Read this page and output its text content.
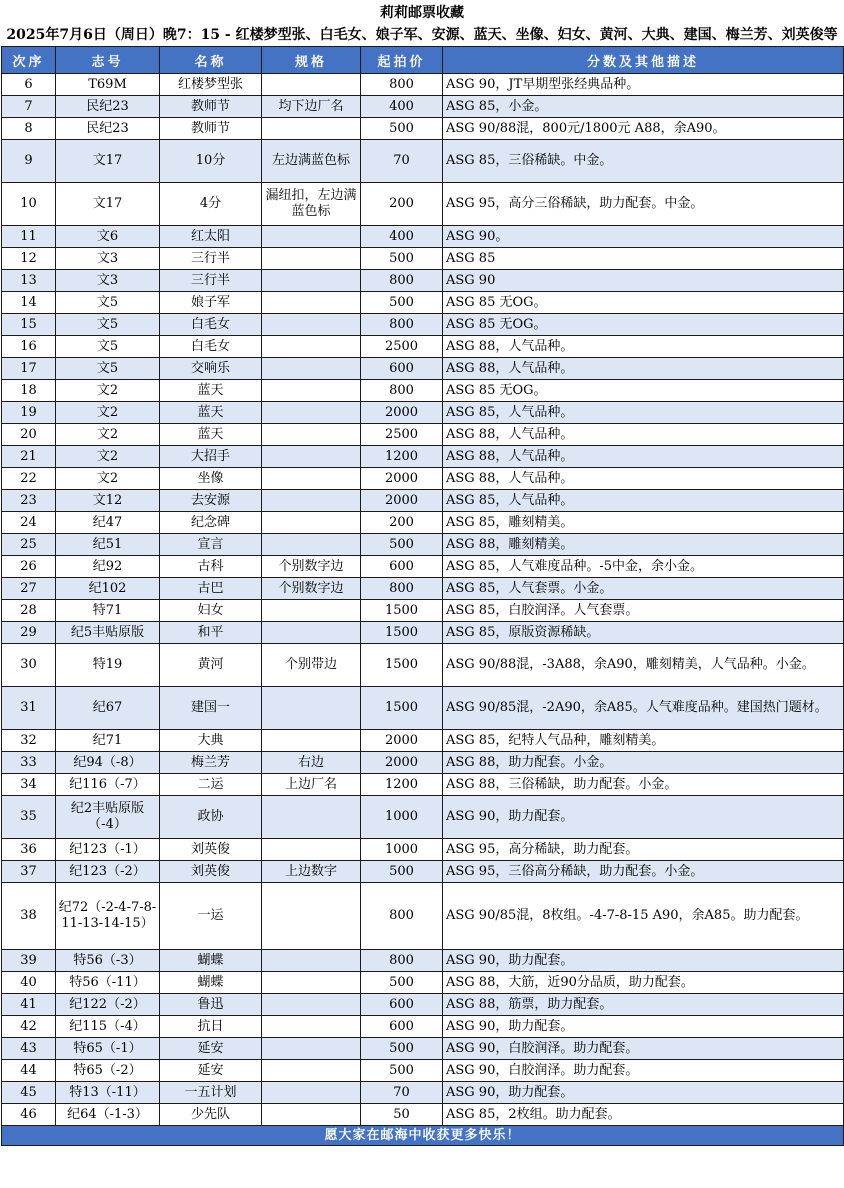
莉莉邮票收藏
2025年7月6日（周日）晚7：15 - 红楼梦型张、白毛女、娘子军、安源、蓝天、坐像、妇女、黄河、大典、建国、梅兰芳、刘英俊等
次序	志号	名称	规格	起拍价	分数及其他描述
6	T69M	红楼梦型张		800	ASG 90，JT早期型张经典品种。
7	民纪23	教师节	均下边厂名	400	ASG 85，小金。
8	民纪23	教师节		500	ASG 90/88混，800元/1800元 A88，余A90。
9	文17	10分	左边满蓝色标	70	ASG 85，三俗稀缺。中金。
10	文17	4分	漏纽扣，左边满蓝色标	200	ASG 95，高分三俗稀缺，助力配套。中金。
11	文6	红太阳		400	ASG 90。
12	文3	三行半		500	ASG 85
13	文3	三行半		800	ASG 90
14	文5	娘子军		500	ASG 85 无OG。
15	文5	白毛女		800	ASG 85 无OG。
16	文5	白毛女		2500	ASG 88，人气品种。
17	文5	交响乐		600	ASG 88，人气品种。
18	文2	蓝天		800	ASG 85 无OG。
19	文2	蓝天		2000	ASG 85，人气品种。
20	文2	蓝天		2500	ASG 88，人气品种。
21	文2	大招手		1200	ASG 88，人气品种。
22	文2	坐像		2000	ASG 88，人气品种。
23	文12	去安源		2000	ASG 85，人气品种。
24	纪47	纪念碑		200	ASG 85，雕刻精美。
25	纪51	宣言		500	ASG 88，雕刻精美。
26	纪92	古科	个别数字边	600	ASG 85，人气难度品种。-5中金，余小金。
27	纪102	古巴	个别数字边	800	ASG 85，人气套票。小金。
28	特71	妇女		1500	ASG 85，白胶润泽。人气套票。
29	纪5丰贴原版	和平		1500	ASG 85，原版资源稀缺。
30	特19	黄河	个别带边	1500	ASG 90/88混，-3A88，余A90，雕刻精美，人气品种。小金。
31	纪67	建国一		1500	ASG 90/85混，-2A90，余A85。人气难度品种。建国热门题材。
32	纪71	大典		2000	ASG 85，纪特人气品种，雕刻精美。
33	纪94（-8）	梅兰芳	右边	2000	ASG 88，助力配套。小金。
34	纪116（-7）	二运	上边厂名	1200	ASG 88，三俗稀缺，助力配套。小金。
35	纪2丰贴原版（-4）	政协		1000	ASG 90，助力配套。
36	纪123（-1）	刘英俊		1000	ASG 95，高分稀缺，助力配套。
37	纪123（-2）	刘英俊	上边数字	500	ASG 95，三俗高分稀缺，助力配套。小金。
38	纪72（-2-4-7-8-11-13-14-15）	一运		800	ASG 90/85混，8枚组。-4-7-8-15 A90，余A85。助力配套。
39	特56（-3）	蝴蝶		800	ASG 90，助力配套。
40	特56（-11）	蝴蝶		500	ASG 88，大筋，近90分品质，助力配套。
41	纪122（-2）	鲁迅		600	ASG 88，筋票，助力配套。
42	纪115（-4）	抗日		600	ASG 90，助力配套。
43	特65（-1）	延安		500	ASG 90，白胶润泽。助力配套。
44	特65（-2）	延安		500	ASG 90，白胶润泽。助力配套。
45	特13（-11）	一五计划		70	ASG 90，助力配套。
46	纪64（-1-3）	少先队		50	ASG 85，2枚组。助力配套。
愿大家在邮海中收获更多快乐！					
